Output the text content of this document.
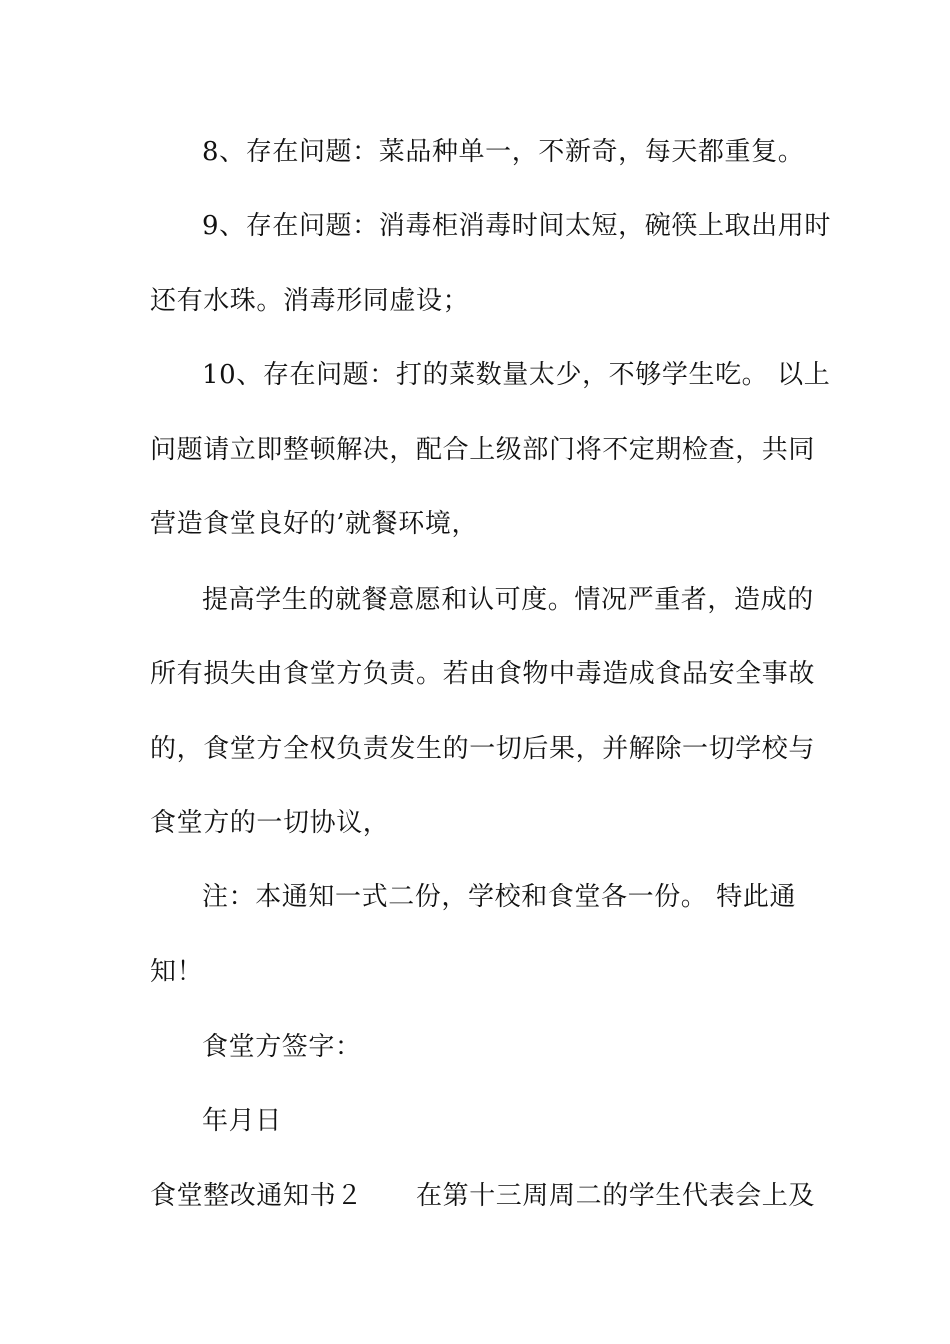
8、存在问题：菜品种单一，不新奇，每天都重复。
9、存在问题：消毒柜消毒时间太短，碗筷上取出用时
还有水珠。消毒形同虚设；
10、存在问题：打的菜数量太少，不够学生吃。 以上
问题请立即整顿解决，配合上级部门将不定期检查，共同
营造食堂良好的’就餐环境，
提高学生的就餐意愿和认可度。情况严重者，造成的
所有损失由食堂方负责。若由食物中毒造成食品安全事故
的，食堂方全权负责发生的一切后果，并解除一切学校与
食堂方的一切协议，
注：本通知一式二份，学校和食堂各一份。 特此通
知！
食堂方签字：
年月日
食堂整改通知书２　　在第十三周周二的学生代表会上及
